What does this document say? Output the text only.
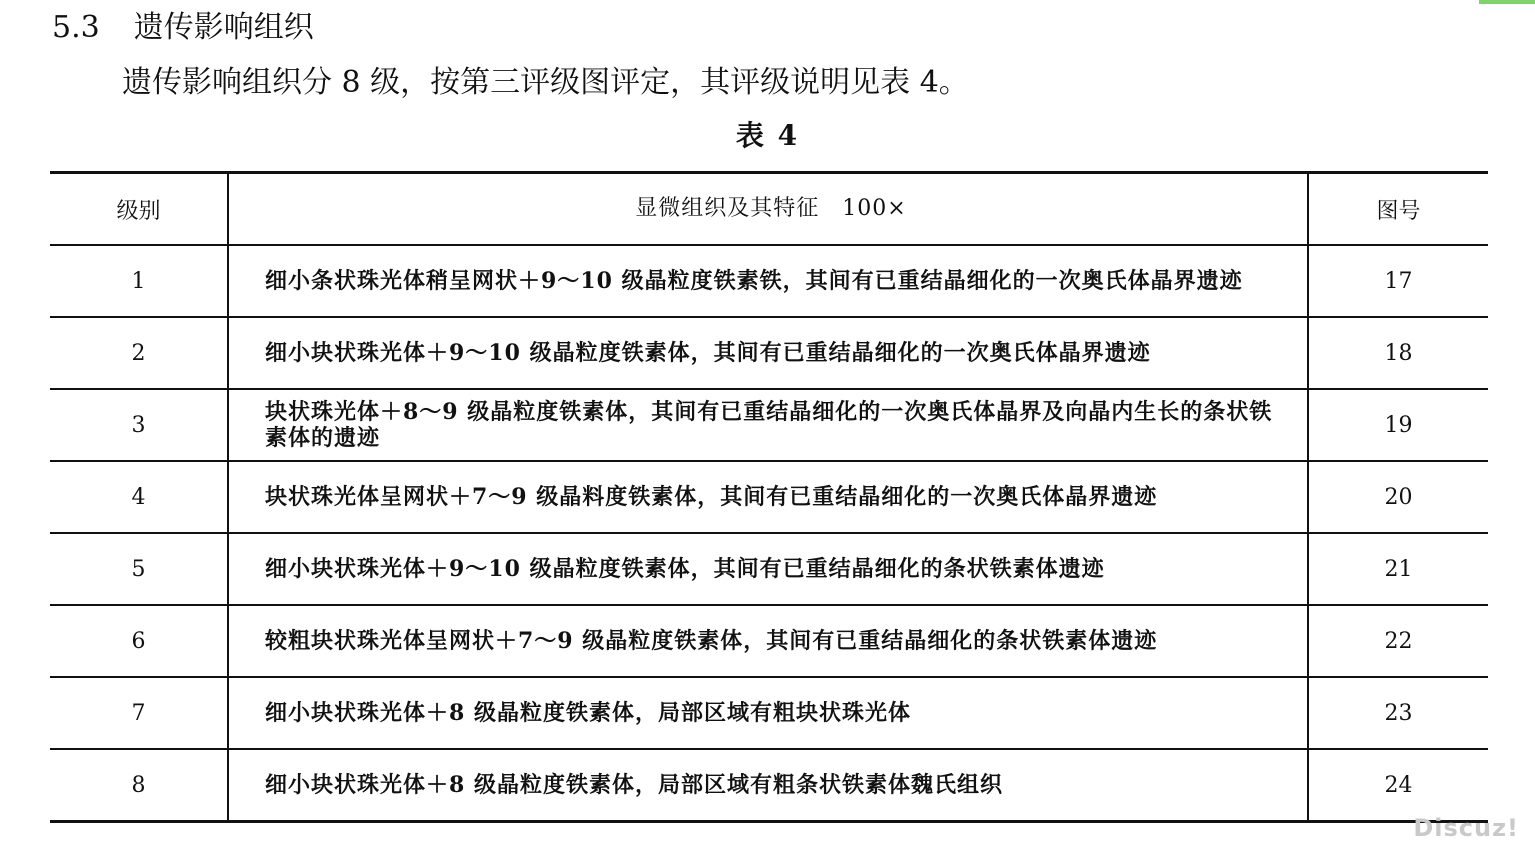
5.3 遗传影响组织
遗传影响组织分 8 级，按第三评级图评定，其评级说明见表 4。
表 4
级别	显微组织及其特征　100×	图号
1	细小条状珠光体稍呈网状＋9～10 级晶粒度铁素铁，其间有已重结晶细化的一次奥氏体晶界遗迹	17
2	细小块状珠光体＋9～10 级晶粒度铁素体，其间有已重结晶细化的一次奥氏体晶界遗迹	18
3	块状珠光体＋8～9 级晶粒度铁素体，其间有已重结晶细化的一次奥氏体晶界及向晶内生长的条状铁素体的遗迹	19
4	块状珠光体呈网状＋7～9 级晶料度铁素体，其间有已重结晶细化的一次奥氏体晶界遗迹	20
5	细小块状珠光体＋9～10 级晶粒度铁素体，其间有已重结晶细化的条状铁素体遗迹	21
6	较粗块状珠光体呈网状＋7～9 级晶粒度铁素体，其间有已重结晶细化的条状铁素体遗迹	22
7	细小块状珠光体＋8 级晶粒度铁素体，局部区域有粗块状珠光体	23
8	细小块状珠光体＋8 级晶粒度铁素体，局部区域有粗条状铁素体魏氏组织	24
Discuz!
